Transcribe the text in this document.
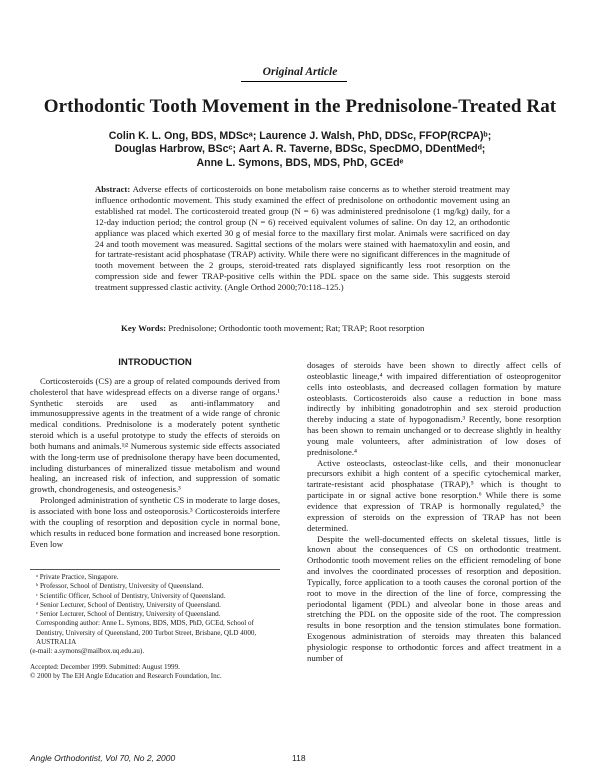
Original Article
Orthodontic Tooth Movement in the Prednisolone-Treated Rat
Colin K. L. Ong, BDS, MDScᵃ; Laurence J. Walsh, PhD, DDSc, FFOP(RCPA)ᵇ;
Douglas Harbrow, BScᶜ; Aart A. R. Taverne, BDSc, SpecDMO, DDentMedᵈ;
Anne L. Symons, BDS, MDS, PhD, GCEdᵉ
Abstract: Adverse effects of corticosteroids on bone metabolism raise concerns as to whether steroid treatment may influence orthodontic movement. This study examined the effect of prednisolone on orthodontic movement using an established rat model. The corticosteroid treated group (N = 6) was administered prednisolone (1 mg/kg) daily, for a 12-day induction period; the control group (N = 6) received equivalent volumes of saline. On day 12, an orthodontic appliance was placed which exerted 30 g of mesial force to the maxillary first molar. Animals were sacrificed on day 24 and tooth movement was measured. Sagittal sections of the molars were stained with haematoxylin and eosin, and for tartrate-resistant acid phosphatase (TRAP) activity. While there were no significant differences in the magnitude of tooth movement between the 2 groups, steroid-treated rats displayed significantly less root resorption on the compression side and fewer TRAP-positive cells within the PDL space on the same side. This suggests steroid treatment suppressed clastic activity. (Angle Orthod 2000;70:118–125.)
Key Words: Prednisolone; Orthodontic tooth movement; Rat; TRAP; Root resorption
INTRODUCTION

Corticosteroids (CS) are a group of related compounds derived from cholesterol that have widespread effects on a diverse range of organs.¹ Synthetic steroids are used as anti-inflammatory and immunosuppressive agents in the treatment of a wide range of chronic medical conditions. Prednisolone is a moderately potent synthetic steroid which is a useful prototype to study the effects of steroids on both humans and animals.¹ʲ² Numerous systemic side effects associated with the long-term use of prednisolone therapy have been documented, including disturbances of mineralized tissue metabolism and wound healing, an increased risk of infection, and suppression of somatic growth, chondrogenesis, and osteogenesis.³

Prolonged administration of synthetic CS in moderate to large doses, is associated with bone loss and osteoporosis.³ Corticosteroids interfere with the coupling of resorption and deposition cycle in normal bone, which results in reduced bone formation and increased bone resorption. Even low

dosages of steroids have been shown to directly affect cells of osteoblastic lineage,⁴ with impaired differentiation of osteoprogenitor cells into osteoblasts, and decreased collagen formation by mature osteoblasts. Corticosteroids also cause a reduction in bone mass indirectly by inhibiting gonadotrophin and sex steroid production thereby inducing a state of hypogonadism.³ Recently, bone resorption has been shown to remain unchanged or to decrease slightly in healthy young male volunteers, after administration of low doses of prednisolone.⁴

Active osteoclasts, osteoclast-like cells, and their mononuclear precursors exhibit a high content of a specific cytochemical marker, tartrate-resistant acid phosphatase (TRAP),⁵ which is thought to participate in or signal active bone resorption.⁶ While there is some evidence that expression of TRAP is hormonally regulated,⁵ the expression of steroids on the expression of TRAP has not been determined.

Despite the well-documented effects on skeletal tissues, little is known about the consequences of CS on orthodontic treatment. Orthodontic tooth movement relies on the efficient remodeling of bone and involves the coordinated processes of resorption and deposition. Typically, force application to a tooth causes the coronal portion of the root to move in the direction of the line of force, compressing the periodontal ligament (PDL) and alveolar bone in those areas and stretching the PDL on the opposite side of the root. The compression results in bone resorption and the tension stimulates bone formation. Exogenous administration of steroids may threaten this balanced physiologic response to orthodontic forces and affect treatment in a number of

ᵃ Private Practice, Singapore.
ᵇ Professor, School of Dentistry, University of Queensland.
ᶜ Scientific Officer, School of Dentistry, University of Queensland.
ᵈ Senior Lecturer, School of Dentistry, University of Queensland.
ᵉ Senior Lecturer, School of Dentistry, University of Queensland.
Corresponding author: Anne L. Symons, BDS, MDS, PhD, GCEd, School of Dentistry, University of Queensland, 200 Turbot Street, Brisbane, QLD 4000, AUSTRALIA
(e-mail: a.symons@mailbox.uq.edu.au).
Accepted: December 1999. Submitted: August 1999.
© 2000 by The EH Angle Education and Research Foundation, Inc.
Angle Orthodontist, Vol 70, No 2, 2000	118
